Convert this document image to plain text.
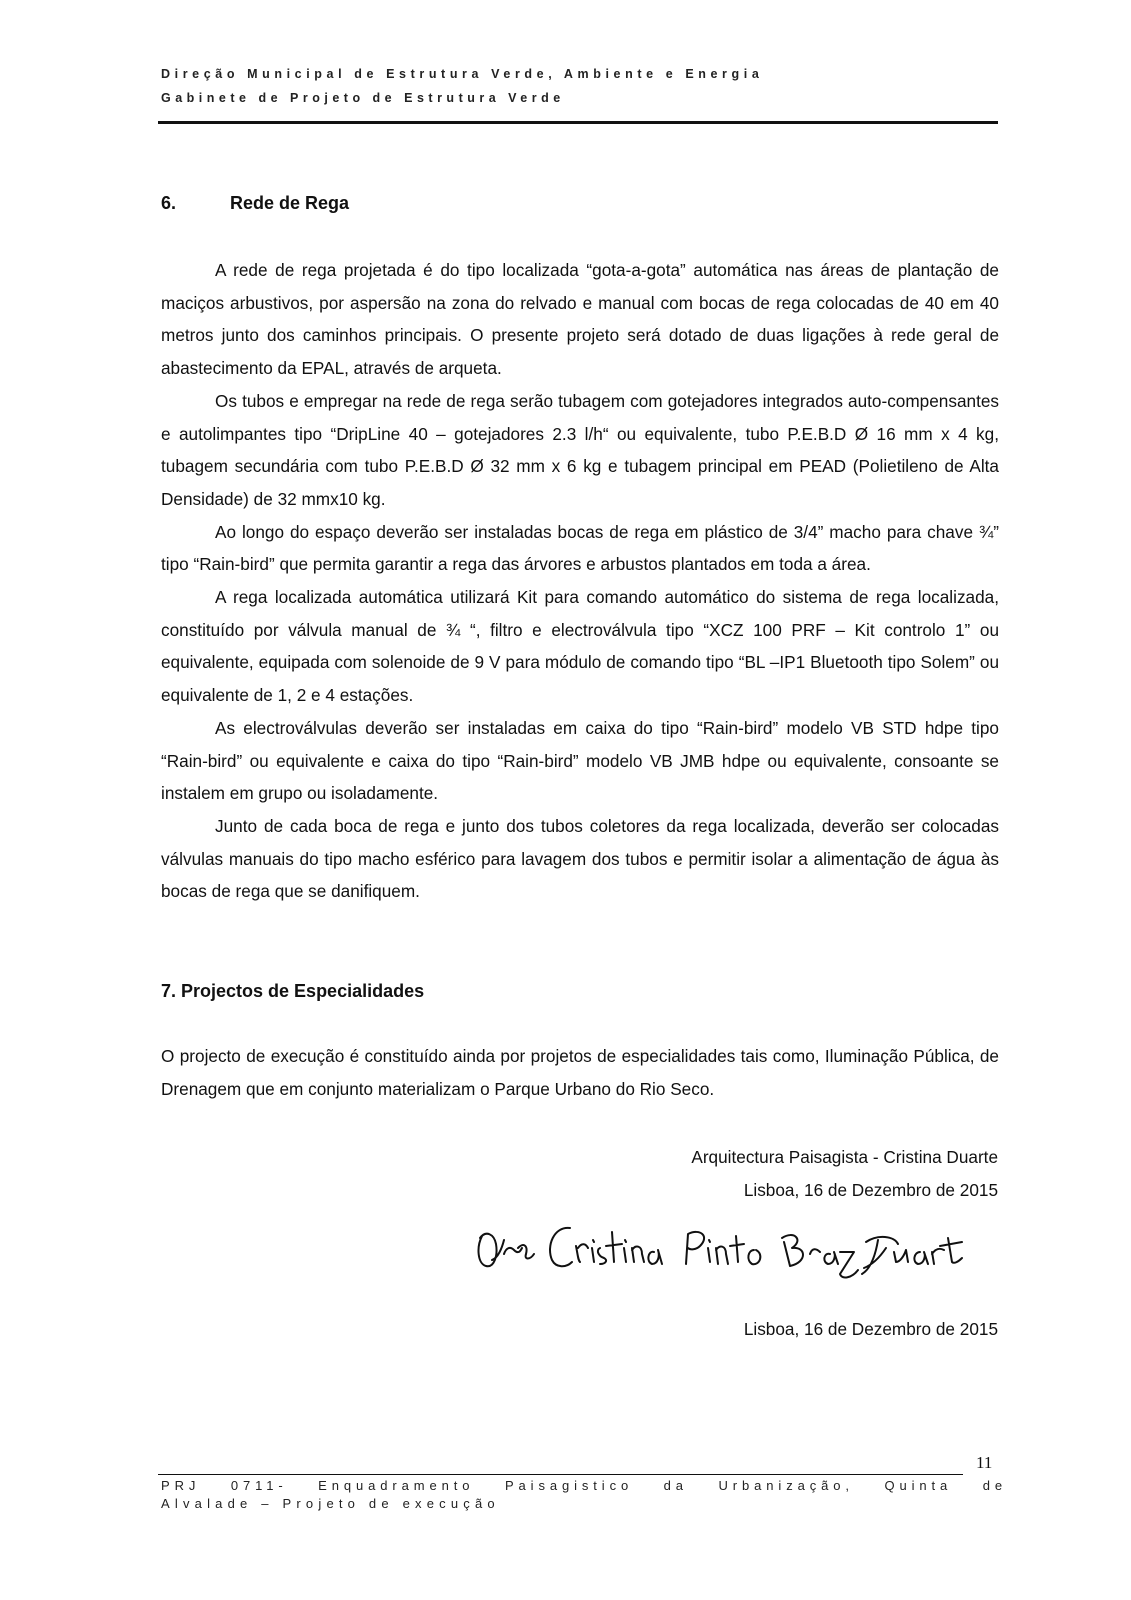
Direção Municipal de Estrutura Verde, Ambiente e Energia
Gabinete de Projeto de Estrutura Verde
6.	Rede de Rega

A rede de rega projetada é do tipo localizada “gota-a-gota” automática nas áreas de plantação de maciços arbustivos, por aspersão na zona do relvado e manual com bocas de rega colocadas de 40 em 40 metros junto dos caminhos principais. O presente projeto será dotado de duas ligações à rede geral de abastecimento da EPAL, através de arqueta.

Os tubos e empregar na rede de rega serão tubagem com gotejadores integrados auto-compensantes e autolimpantes tipo “DripLine 40 – gotejadores 2.3 l/h“ ou equivalente, tubo P.E.B.D Ø 16 mm x 4 kg, tubagem secundária com tubo P.E.B.D Ø 32 mm x 6 kg e tubagem principal em PEAD (Polietileno de Alta Densidade) de 32 mmx10 kg.

Ao longo do espaço deverão ser instaladas bocas de rega em plástico de 3/4” macho para chave ¾” tipo “Rain-bird” que permita garantir a rega das árvores e arbustos plantados em toda a área.

A rega localizada automática utilizará Kit para comando automático do sistema de rega localizada, constituído por válvula manual de ¾ “, filtro e electroválvula tipo “XCZ 100 PRF – Kit controlo 1” ou equivalente, equipada com solenoide de 9 V para módulo de comando tipo “BL –IP1 Bluetooth tipo Solem” ou equivalente de 1, 2 e 4 estações.

As electroválvulas deverão ser instaladas em caixa do tipo “Rain-bird” modelo VB STD hdpe tipo “Rain-bird” ou equivalente e caixa do tipo “Rain-bird” modelo VB JMB hdpe ou equivalente, consoante se instalem em grupo ou isoladamente.

Junto de cada boca de rega e junto dos tubos coletores da rega localizada, deverão ser colocadas válvulas manuais do tipo macho esférico para lavagem dos tubos e permitir isolar a alimentação de água às bocas de rega que se danifiquem.

7. Projectos de Especialidades

O projecto de execução é constituído ainda por projetos de especialidades tais como, Iluminação Pública, de Drenagem que em conjunto materializam o Parque Urbano do Rio Seco.

Arquitectura Paisagista - Cristina Duarte
Lisboa, 16 de Dezembro de 2015
Lisboa, 16 de Dezembro de 2015
11
PRJ 0711- Enquadramento Paisagistico da Urbanização, Quinta de
Alvalade – Projeto de execução
